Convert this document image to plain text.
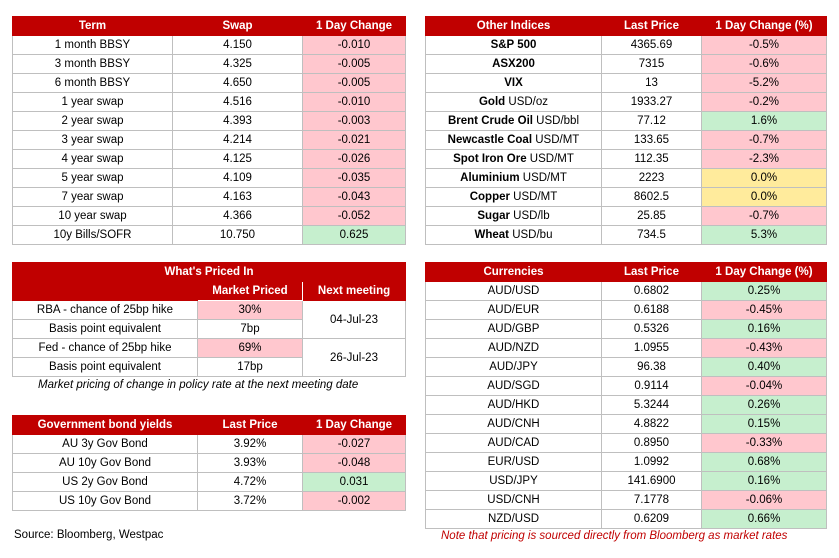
Term	Swap	1 Day Change
1 month BBSY	4.150	-0.010
3 month BBSY	4.325	-0.005
6 month BBSY	4.650	-0.005
1 year swap	4.516	-0.010
2 year swap	4.393	-0.003
3 year swap	4.214	-0.021
4 year swap	4.125	-0.026
5 year swap	4.109	-0.035
7 year swap	4.163	-0.043
10 year swap	4.366	-0.052
10y Bills/SOFR	10.750	0.625
Other Indices	Last Price	1 Day Change (%)
S&P 500	4365.69	-0.5%
ASX200	7315	-0.6%
VIX	13	-5.2%
Gold USD/oz	1933.27	-0.2%
Brent Crude Oil USD/bbl	77.12	1.6%
Newcastle Coal USD/MT	133.65	-0.7%
Spot Iron Ore USD/MT	112.35	-2.3%
Aluminium USD/MT	2223	0.0%
Copper USD/MT	8602.5	0.0%
Sugar USD/lb	25.85	-0.7%
Wheat USD/bu	734.5	5.3%
What's Priced In		
	Market Priced	Next meeting
RBA - chance of 25bp hike	30%	04-Jul-23
Basis point equivalent	7bp	
Fed - chance of 25bp hike	69%	26-Jul-23
Basis point equivalent	17bp	
Market pricing of change in policy rate at the next meeting date
Government bond yields	Last Price	1 Day Change
AU 3y Gov Bond	3.92%	-0.027
AU 10y Gov Bond	3.93%	-0.048
US 2y Gov Bond	4.72%	0.031
US 10y Gov Bond	3.72%	-0.002
Currencies	Last Price	1 Day Change (%)
AUD/USD	0.6802	0.25%
AUD/EUR	0.6188	-0.45%
AUD/GBP	0.5326	0.16%
AUD/NZD	1.0955	-0.43%
AUD/JPY	96.38	0.40%
AUD/SGD	0.9114	-0.04%
AUD/HKD	5.3244	0.26%
AUD/CNH	4.8822	0.15%
AUD/CAD	0.8950	-0.33%
EUR/USD	1.0992	0.68%
USD/JPY	141.6900	0.16%
USD/CNH	7.1778	-0.06%
NZD/USD	0.6209	0.66%
Source: Bloomberg, Westpac	Note that pricing is sourced directly from Bloomberg as market rates
